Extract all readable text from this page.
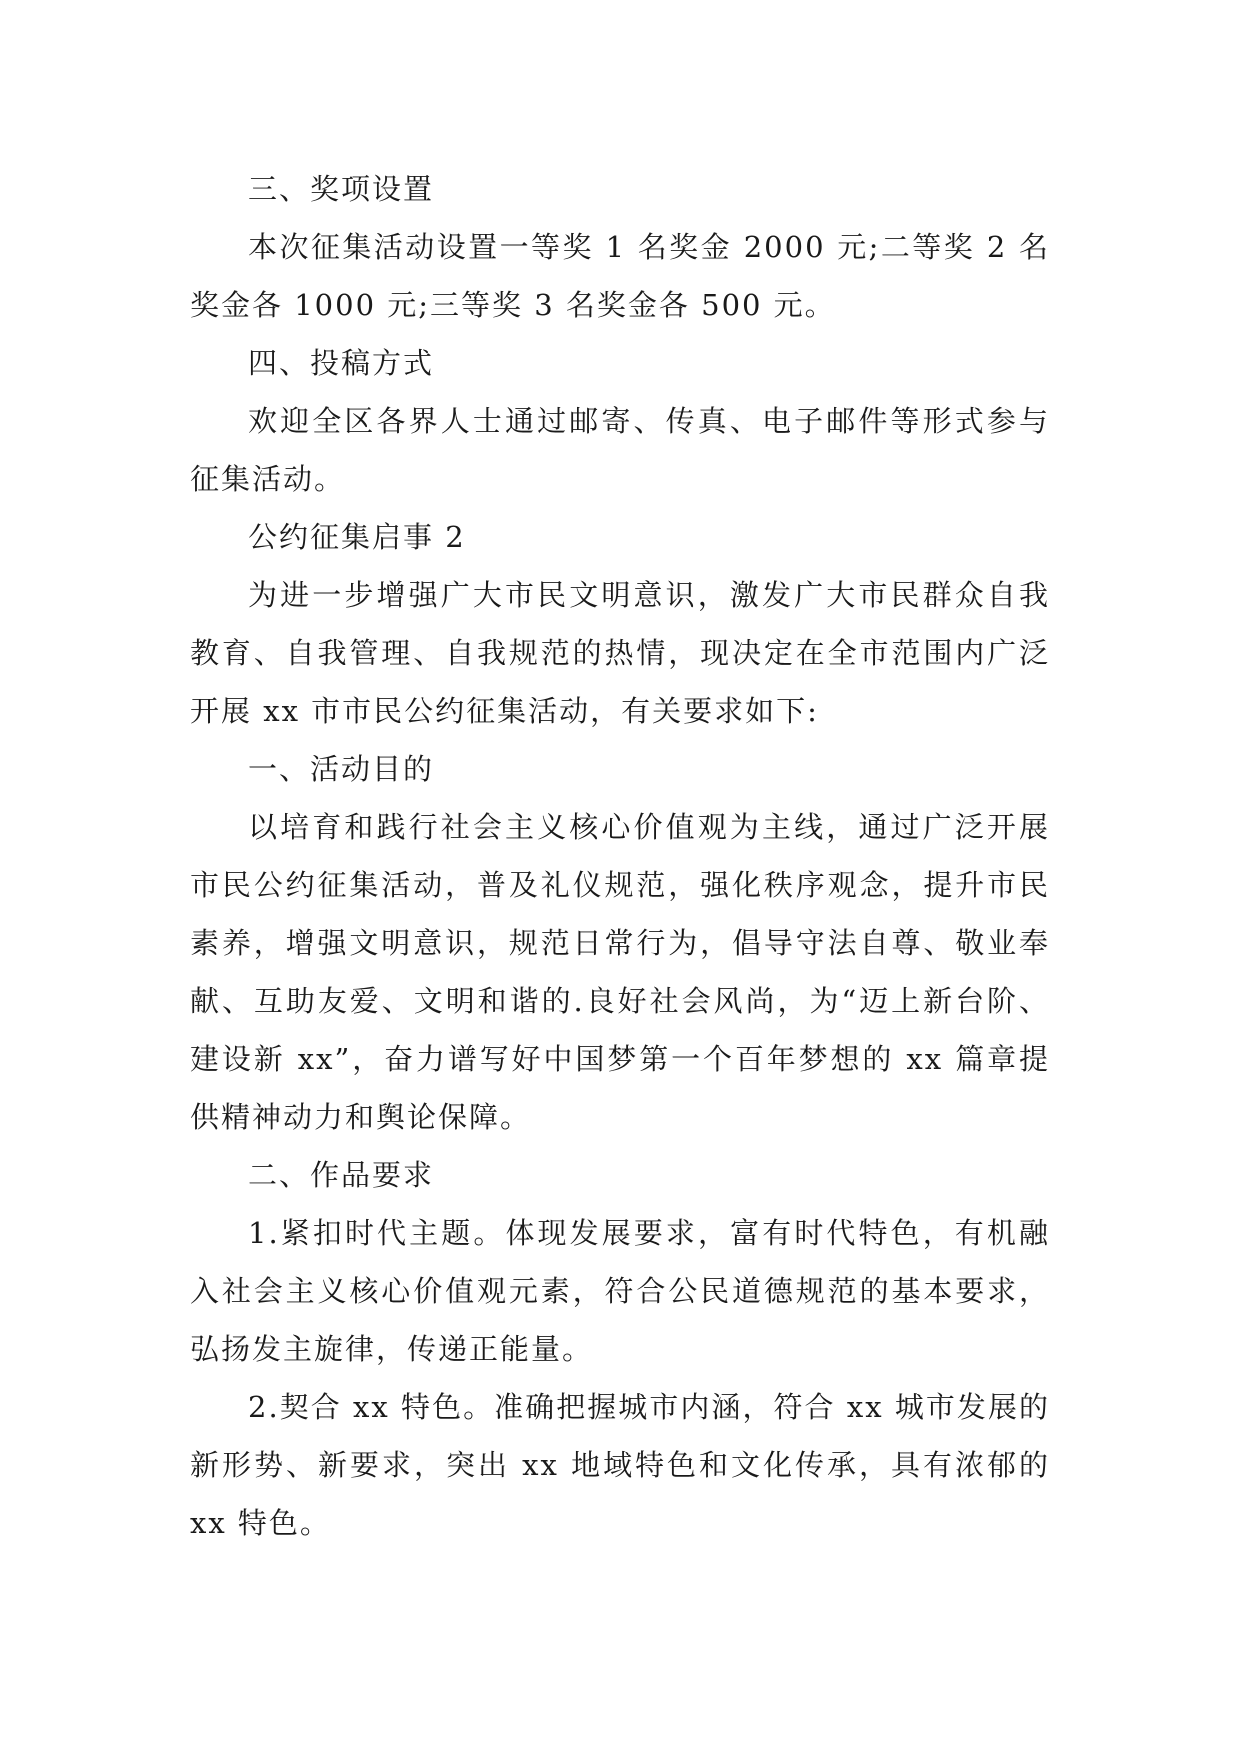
三、奖项设置

本次征集活动设置一等奖 1 名奖金 2000 元;二等奖 2 名奖金各 1000 元;三等奖 3 名奖金各 500 元。

四、投稿方式

欢迎全区各界人士通过邮寄、传真、电子邮件等形式参与征集活动。

公约征集启事 2

为进一步增强广大市民文明意识，激发广大市民群众自我教育、自我管理、自我规范的热情，现决定在全市范围内广泛开展 xx 市市民公约征集活动，有关要求如下:

一、活动目的

以培育和践行社会主义核心价值观为主线，通过广泛开展市民公约征集活动，普及礼仪规范，强化秩序观念，提升市民素养，增强文明意识，规范日常行为，倡导守法自尊、敬业奉献、互助友爱、文明和谐的.良好社会风尚，为“迈上新台阶、建设新 xx”，奋力谱写好中国梦第一个百年梦想的 xx 篇章提供精神动力和舆论保障。

二、作品要求

1.紧扣时代主题。体现发展要求，富有时代特色，有机融入社会主义核心价值观元素，符合公民道德规范的基本要求，弘扬发主旋律，传递正能量。

2.契合 xx 特色。准确把握城市内涵，符合 xx 城市发展的新形势、新要求，突出 xx 地域特色和文化传承，具有浓郁的 xx 特色。
